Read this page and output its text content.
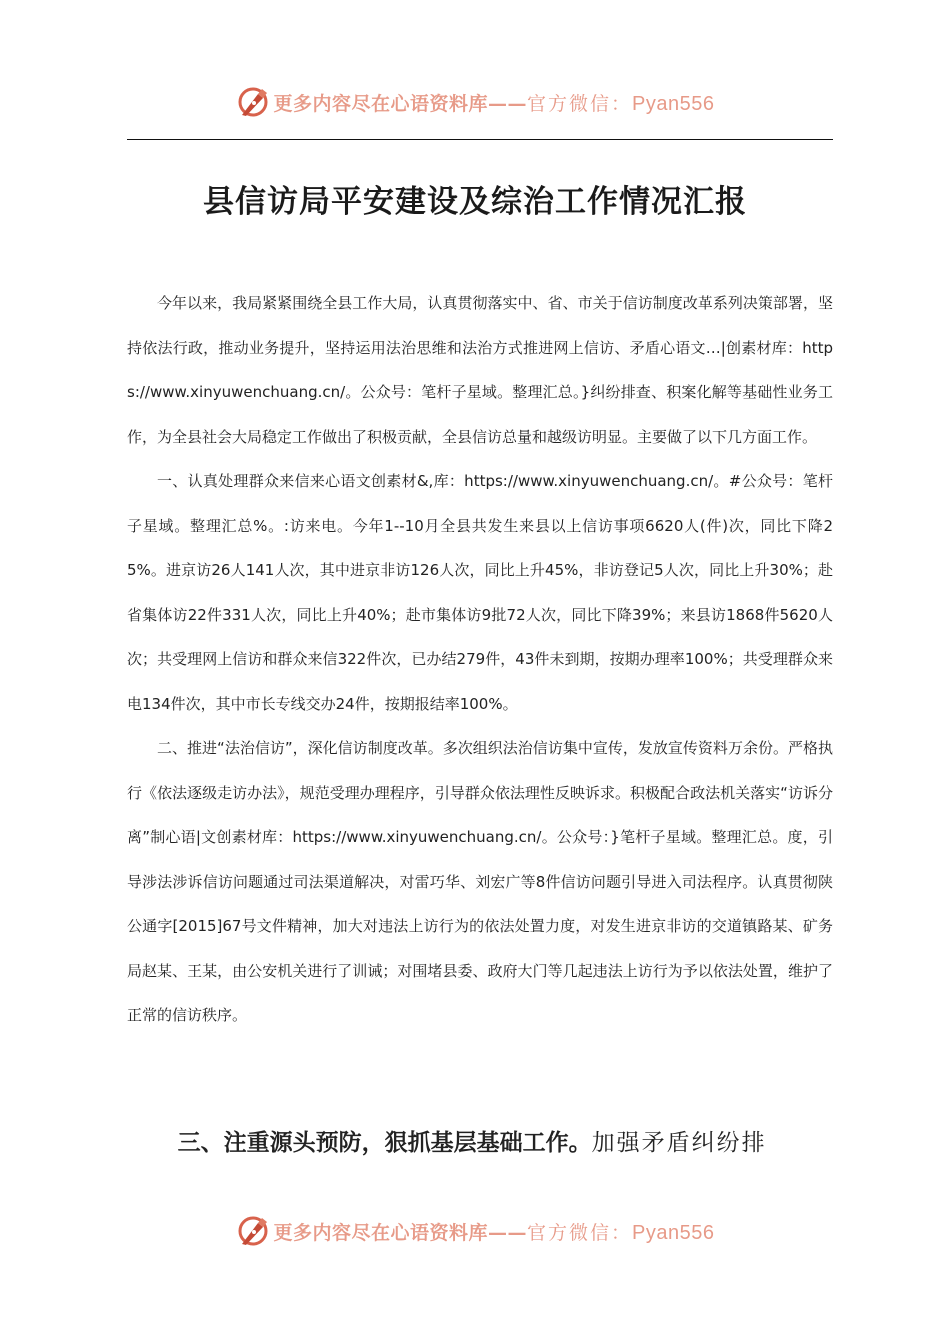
更多内容尽在心语资料库——官方微信：Pyan556
县信访局平安建设及综治工作情况汇报

今年以来，我局紧紧围绕全县工作大局，认真贯彻落实中、省、市关于信访制度改革系列决策部署，坚持依法行政，推动业务提升，坚持运用法治思维和法治方式推进网上信访、矛盾心语文…|创素材库：https://www.xinyuwenchuang.cn/。公众号：笔杆子星域。整理汇总。}纠纷排查、积案化解等基础性业务工作，为全县社会大局稳定工作做出了积极贡献，全县信访总量和越级访明显。主要做了以下几方面工作。

一、认真处理群众来信来心语文创素材&,库：https://www.xinyuwenchuang.cn/。#公众号：笔杆子星域。整理汇总%。:访来电。今年1--10月全县共发生来县以上信访事项6620人(件)次，同比下降25%。进京访26人141人次，其中进京非访126人次，同比上升45%，非访登记5人次，同比上升30%；赴省集体访22件331人次，同比上升40%；赴市集体访9批72人次，同比下降39%；来县访1868件5620人次；共受理网上信访和群众来信322件次，已办结279件，43件未到期，按期办理率100%；共受理群众来电134件次，其中市长专线交办24件，按期报结率100%。

二、推进“法治信访”，深化信访制度改革。多次组织法治信访集中宣传，发放宣传资料万余份。严格执行《依法逐级走访办法》，规范受理办理程序，引导群众依法理性反映诉求。积极配合政法机关落实“访诉分离”制心语|文创素材库：https://www.xinyuwenchuang.cn/。公众号：}笔杆子星域。整理汇总。度，引导涉法涉诉信访问题通过司法渠道解决，对雷巧华、刘宏广等8件信访问题引导进入司法程序。认真贯彻陕公通字[2015]67号文件精神，加大对违法上访行为的依法处置力度，对发生进京非访的交道镇路某、矿务局赵某、王某，由公安机关进行了训诫；对围堵县委、政府大门等几起违法上访行为予以依法处置，维护了正常的信访秩序。

三、注重源头预防，狠抓基层基础工作。加强矛盾纠纷排
更多内容尽在心语资料库——官方微信：Pyan556
